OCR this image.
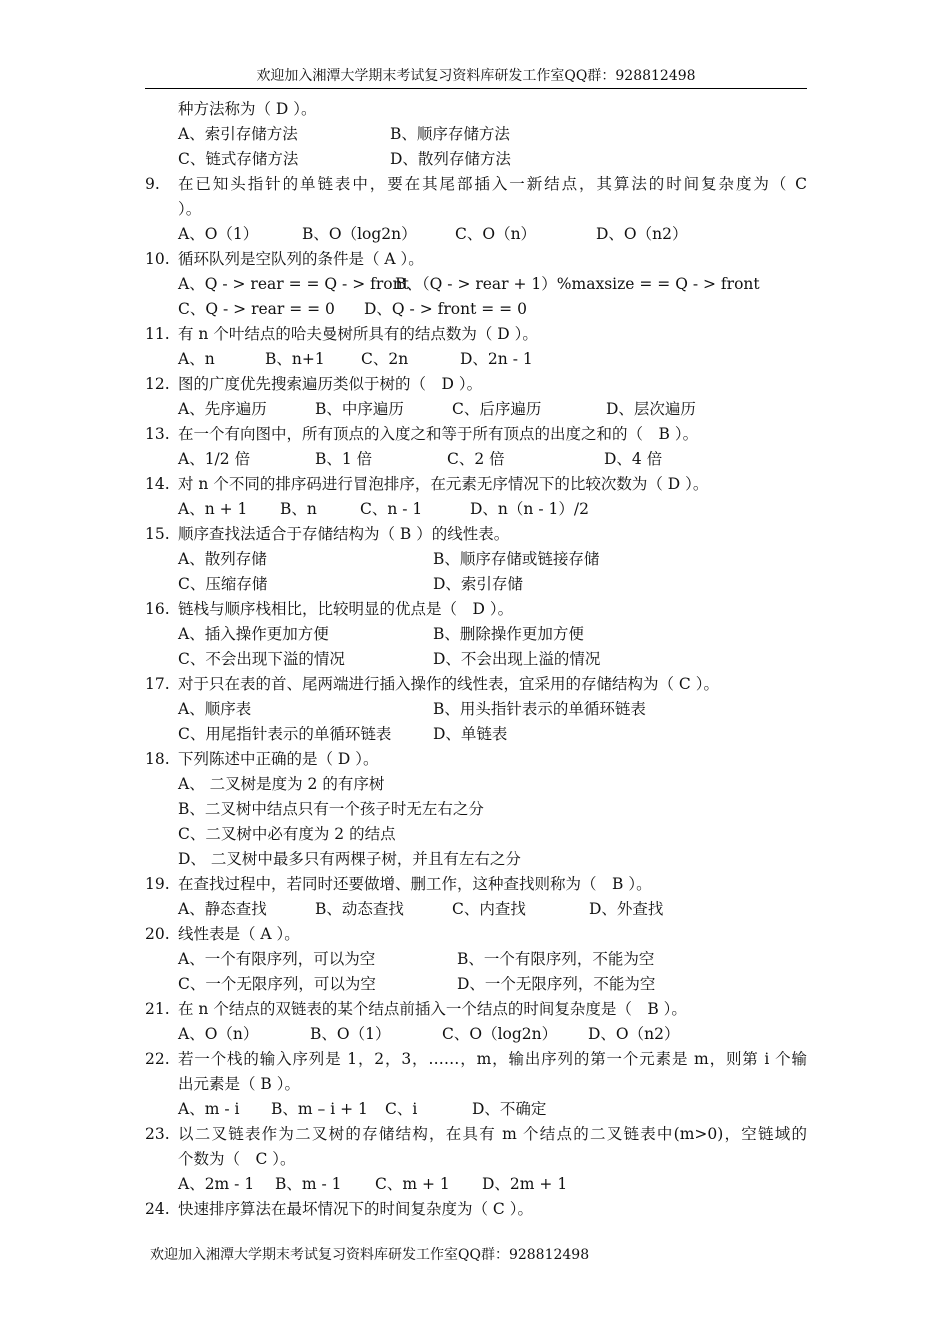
欢迎加入湘潭大学期末考试复习资料库研发工作室QQ群：928812498
种方法称为（ D ）。
A、索引存储方法	B、顺序存储方法
C、链式存储方法	D、散列存储方法
9. 在已知头指针的单链表中，要在其尾部插入一新结点，其算法的时间复杂度为（ C
）。
A、O（1）	B、O（log2n） C、O（n）	D、O（n2）
10. 循环队列是空队列的条件是（ A ）。
A、Q - > rear = = Q - > front
B、（Q - > rear + 1）%maxsize = = Q - > front
C、Q - > rear = = 0 D、Q - > front = = 0
11. 有 n 个叶结点的哈夫曼树所具有的结点数为（ D ）。
A、n	B、n+1 C、2n	D、2n - 1
12. 图的广度优先搜索遍历类似于树的（　D ）。
A、先序遍历	B、中序遍历	C、后序遍历	D、层次遍历
13. 在一个有向图中，所有顶点的入度之和等于所有顶点的出度之和的（　B ）。
A、1/2 倍	B、1 倍	C、2 倍	D、4 倍
14. 对 n 个不同的排序码进行冒泡排序，在元素无序情况下的比较次数为（ D ）。
A、n + 1 B、n	C、n - 1	D、n（n - 1）/2
15. 顺序查找法适合于存储结构为（ B ）的线性表。
A、散列存储	B、顺序存储或链接存储
C、压缩存储	D、索引存储
16. 链栈与顺序栈相比，比较明显的优点是（　D ）。
A、插入操作更加方便	B、删除操作更加方便
C、不会出现下溢的情况	D、不会出现上溢的情况
17. 对于只在表的首、尾两端进行插入操作的线性表，宜采用的存储结构为（ C ）。
A、顺序表	B、用头指针表示的单循环链表
C、用尾指针表示的单循环链表	D、单链表
18. 下列陈述中正确的是（ D ）。
A、 二叉树是度为 2 的有序树
B、二叉树中结点只有一个孩子时无左右之分
C、二叉树中必有度为 2 的结点
D、 二叉树中最多只有两棵子树，并且有左右之分
19. 在查找过程中，若同时还要做增、删工作，这种查找则称为（　B ）。
A、静态查找	B、动态查找	C、内查找	D、外查找
20. 线性表是（ A ）。
A、一个有限序列，可以为空	B、一个有限序列，不能为空
C、一个无限序列，可以为空	D、一个无限序列，不能为空
21. 在 n 个结点的双链表的某个结点前插入一个结点的时间复杂度是（　B ）。
A、O（n）	B、O（1）	C、O（log2n） D、O（n2）
22. 若一个栈的输入序列是 1，2，3，……，m，输出序列的第一个元素是 m，则第 i 个输
出元素是（ B ）。
A、m - i B、m – i + 1 C、i	D、不确定
23. 以二叉链表作为二叉树的存储结构，在具有 m 个结点的二叉链表中(m>0)，空链域的
个数为（　C ）。
A、2m - 1 B、m - 1 C、m + 1 D、2m + 1
24. 快速排序算法在最坏情况下的时间复杂度为（ C ）。
欢迎加入湘潭大学期末考试复习资料库研发工作室QQ群：928812498
